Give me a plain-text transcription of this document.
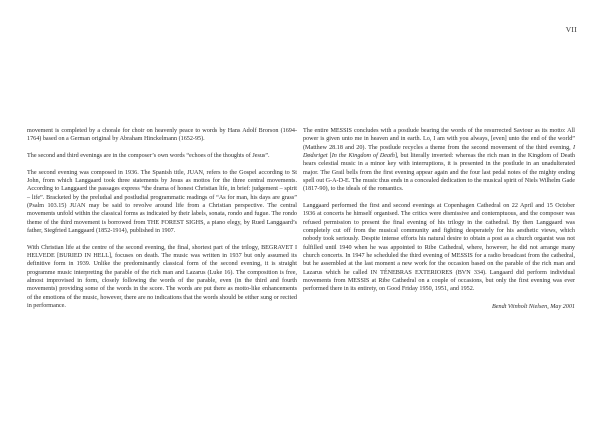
VII

movement is completed by a chorale for choir on heavenly peace to words by Hans Adolf Brorson (1694-1764) based on a German original by Abraham Hinckelmann (1652-95).

The second and third evenings are in the composer’s own words “echoes of the thoughts of Jesus”.

The second evening was composed in 1936. The Spanish title, JUAN, refers to the Gospel according to St John, from which Langgaard took three statements by Jesus as mottos for the three central movements. According to Langgaard the passages express “the drama of honest Christian life, in brief: judgement – spirit – life”. Bracketed by the preludıal and postludial programmatic readings of “As for man, his days are grass” (Psalm 103.15) JUAN may be said to revolve around life from a Christian perspective. The central movements unfold within the classical forms as indicated by their labels, sonata, rondo and fugue. The rondo theme of the third movement is borrowed from THE FOREST SIGHS, a piano elegy, by Rued Langgaard’s father, Siegfried Langgaard (1852-1914), published in 1907.

With Christian life at the centre of the second evening, the final, shortest part of the trilogy, BEGRAVET I HELVEDE [BURIED IN HELL], focuses on death. The music was written in 1937 but only assumed its definitive form in 1939. Unlike the predominantly classical form of the second evening, it is straight programme music interpreting the parable of the rich man and Lazarus (Luke 16). The composition is free, almost improvised in form, closely following the words of the parable, even (in the third and fourth movements) providing some of the words in the score. The words are put there as motto-like enhancements of the emotions of the music, however, there are no indications that the words should be either sung or recited in performance.

The entire MESSIS concludes with a postlude bearing the words of the resurrected Saviour as its motto: All power is given unto me in heaven and in earth. Lo, I am with you always, [even] unto the end of the world” (Matthew 28.18 and 20). The postlude recycles a theme from the second movement of the third evening, I Dødsriget [In the Kingdom of Death], but literally inverted: whereas the rich man in the Kingdom of Death hears celestial music in a minor key with interruptions, it is presented in the postlude in an unadulterated major. The Grail bells from the first evening appear again and the four last pedal notes of the mighty ending spell out G-A-D-E. The music thus ends in a concealed dedication to the musical spirit of Niels Wilhelm Gade (1817-90), to the ideals of the romantics.

Langgaard performed the first and second evenings at Copenhagen Cathedral on 22 April and 15 October 1936 at concerts he himself organised. The critics were dismissive and contemptuous, and the composer was refused permission to present the final evening of his trilogy in the cathedral. By then Langgaard was completely cut off from the musical community and fighting desperately for his aesthetic views, which nobody took seriously. Despite intense efforts his natural desire to obtain a post as a church organist was not fulfilled until 1940 when he was appointed to Ribe Cathedral, where, however, he did not arrange many church concerts. In 1947 he scheduled the third evening of MESSIS for a radio broadcast from the cathedral, but he assembled at the last moment a new work for the occasion based on the parable of the rich man and Lazarus which he called IN TÉNEBRAS EXTERIORES (BVN 334). Langaard did perform individual movements from MESSIS at Ribe Cathedral on a couple of occasions, but only the first evening was ever performed there in its entirety, on Good Friday 1950, 1951, and 1952.

Bendt Viinholt Nielsen, May 2001
